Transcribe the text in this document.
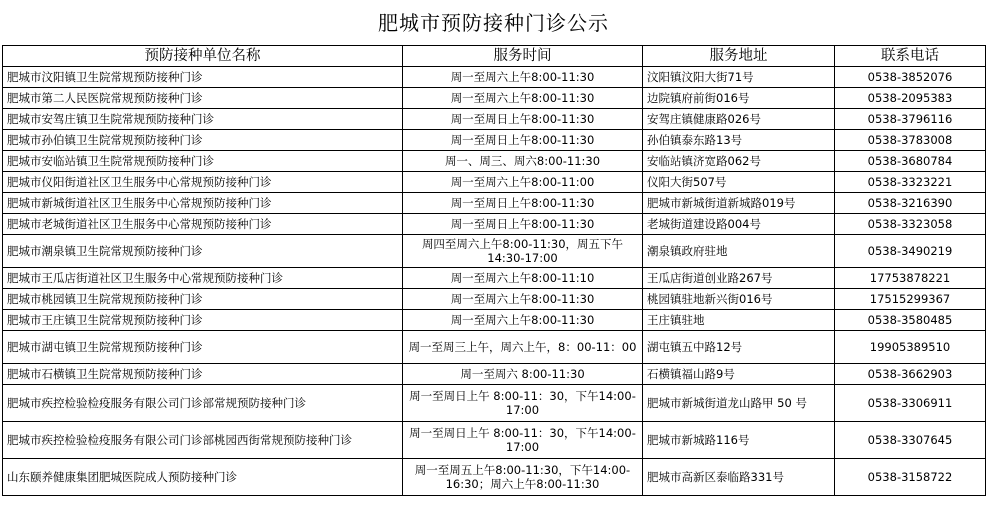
肥城市预防接种门诊公示
预防接种单位名称	服务时间	服务地址	联系电话
肥城市汶阳镇卫生院常规预防接种门诊	周一至周六上午8:00-11:30	汶阳镇汶阳大街71号	0538-3852076
肥城市第二人民医院常规预防接种门诊	周一至周六上午8:00-11:30	边院镇府前街016号	0538-2095383
肥城市安驾庄镇卫生院常规预防接种门诊	周一至周日上午8:00-11:30	安驾庄镇健康路026号	0538-3796116
肥城市孙伯镇卫生院常规预防接种门诊	周一至周日上午8:00-11:30	孙伯镇泰东路13号	0538-3783008
肥城市安临站镇卫生院常规预防接种门诊	周一、周三、周六8:00-11:30	安临站镇济宽路062号	0538-3680784
肥城市仪阳街道社区卫生服务中心常规预防接种门诊	周一至周六上午8:00-11:00	仪阳大街507号	0538-3323221
肥城市新城街道社区卫生服务中心常规预防接种门诊	周一至周日上午8:00-11:30	肥城市新城街道新城路019号	0538-3216390
肥城市老城街道社区卫生服务中心常规预防接种门诊	周一至周日上午8:00-11:30	老城街道建设路004号	0538-3323058
肥城市潮泉镇卫生院常规预防接种门诊	周四至周六上午8:00-11:30，周五下午14:30-17:00	潮泉镇政府驻地	0538-3490219
肥城市王瓜店街道社区卫生服务中心常规预防接种门诊	周一至周六上午8:00-11:10	王瓜店街道创业路267号	17753878221
肥城市桃园镇卫生院常规预防接种门诊	周一至周六上午8:00-11:30	桃园镇驻地新兴街016号	17515299367
肥城市王庄镇卫生院常规预防接种门诊	周一至周六上午8:00-11:30	王庄镇驻地	0538-3580485
肥城市湖屯镇卫生院常规预防接种门诊	周一至周三上午，周六上午，8：00-11：00	湖屯镇五中路12号	19905389510
肥城市石横镇卫生院常规预防接种门诊	周一至周六 8:00-11:30	石横镇福山路9号	0538-3662903
肥城市疾控检验检疫服务有限公司门诊部常规预防接种门诊	周一至周日上午 8:00-11：30，下午14:00-17:00	肥城市新城街道龙山路甲 50 号	0538-3306911
肥城市疾控检验检疫服务有限公司门诊部桃园西街常规预防接种门诊	周一至周日上午 8:00-11：30，下午14:00-17:00	肥城市新城路116号	0538-3307645
山东颐养健康集团肥城医院成人预防接种门诊	周一至周五上午8:00-11:30，下午14:00-16:30；周六上午8:00-11:30	肥城市高新区泰临路331号	0538-3158722
